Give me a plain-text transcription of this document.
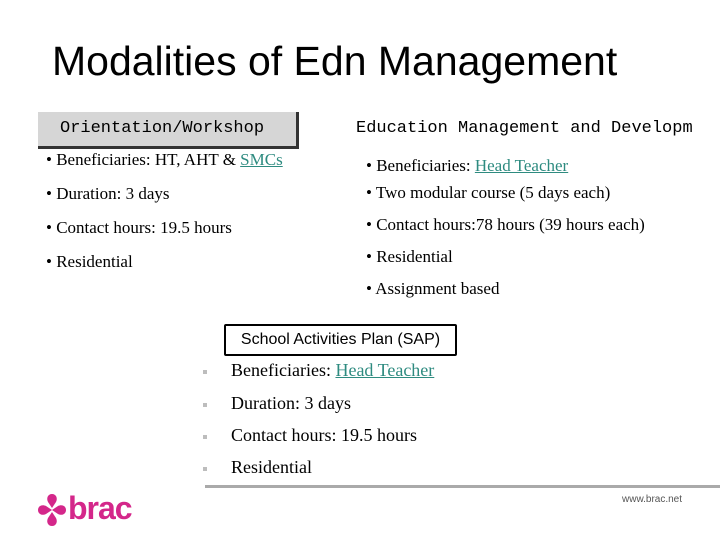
Modalities of Edn Management
Orientation/Workshop
• Beneficiaries: HT, AHT & SMCs
• Duration: 3 days
• Contact hours: 19.5 hours
• Residential
Education Management and Developm
• Beneficiaries: Head Teacher
• Two modular course (5 days each)
• Contact hours:78 hours (39 hours each)
• Residential
• Assignment based
School Activities Plan (SAP)
Beneficiaries: Head Teacher
Duration: 3 days
Contact hours: 19.5 hours
Residential
brac	www.brac.net
